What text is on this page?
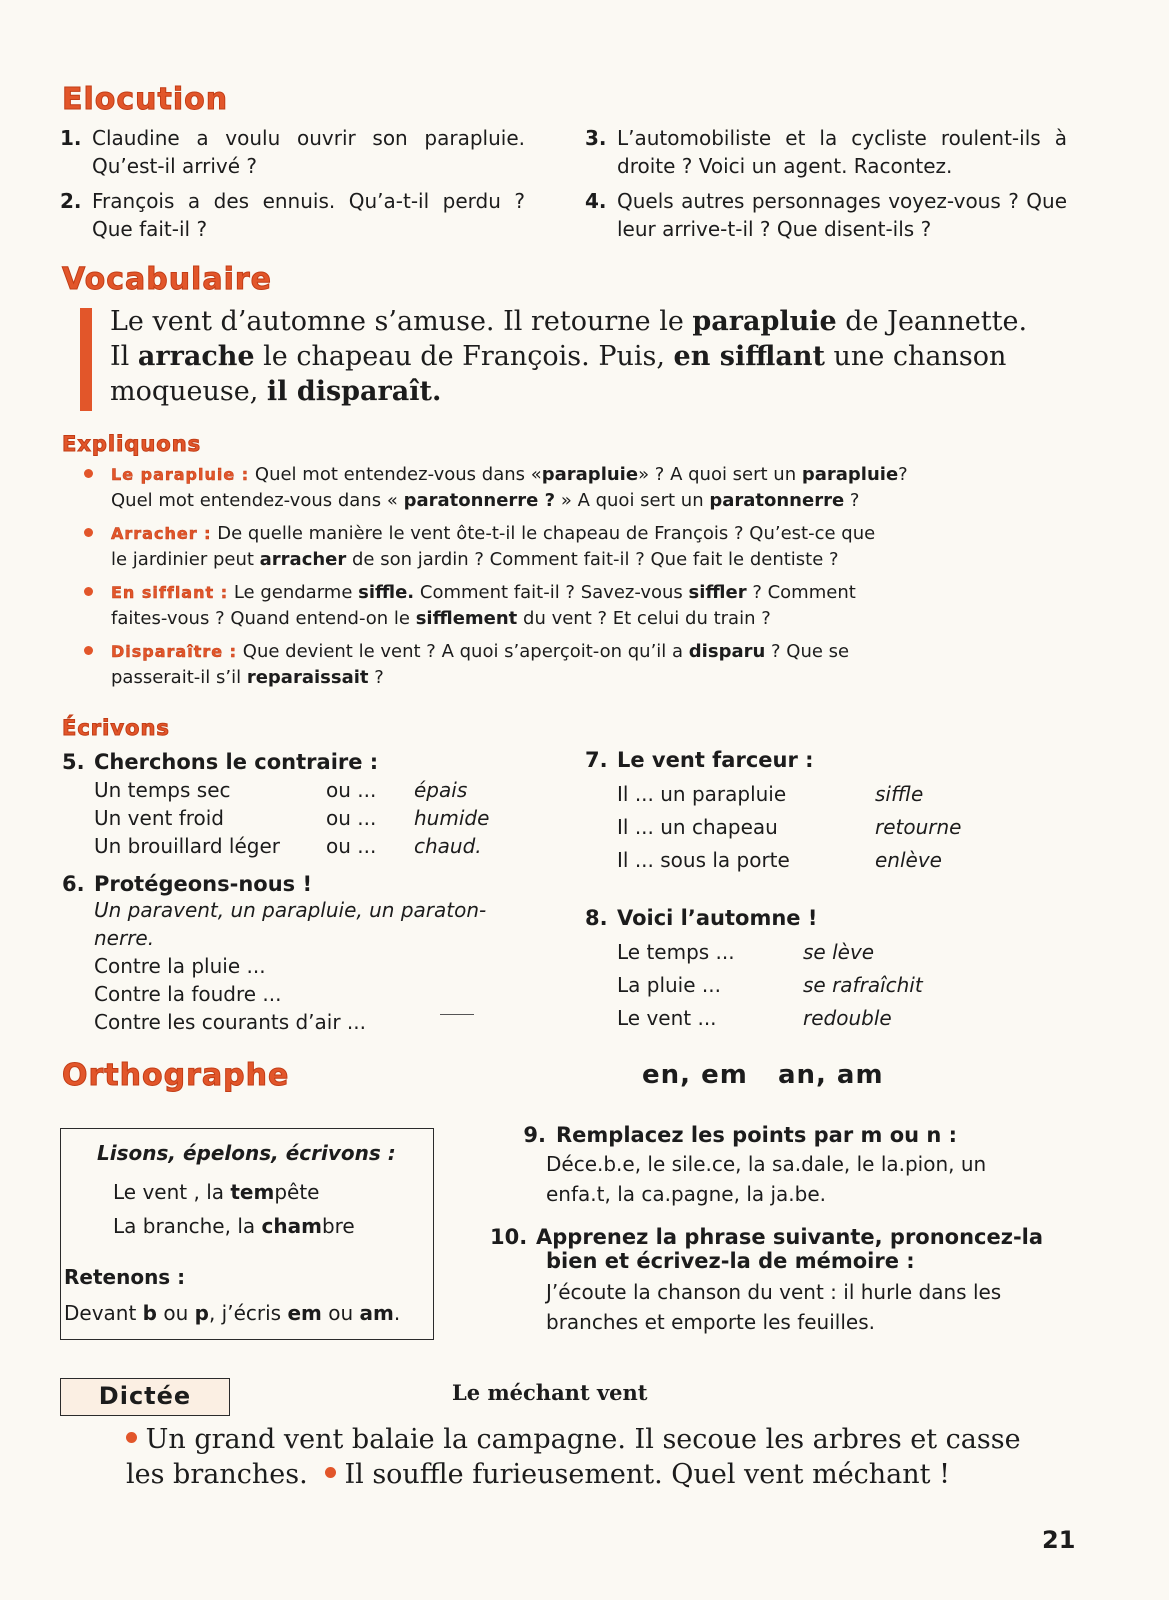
Elocution
1. Claudine a voulu ouvrir son parapluie. Qu’est-il arrivé ?
2. François a des ennuis. Qu’a-t-il perdu ? Que fait-il ?
3. L’automobiliste et la cycliste roulent-ils à droite ? Voici un agent. Racontez.
4. Quels autres personnages voyez-vous ? Que leur arrive-t-il ? Que disent-ils ?
Vocabulaire
Le vent d’automne s’amuse. Il retourne le parapluie de Jeannette.
Il arrache le chapeau de François. Puis, en sifflant une chanson
moqueuse, il disparaît.
Expliquons
Le parapluie : Quel mot entendez-vous dans «parapluie» ? A quoi sert un parapluie?
Quel mot entendez-vous dans « paratonnerre ? » A quoi sert un paratonnerre ?
Arracher : De quelle manière le vent ôte-t-il le chapeau de François ? Qu’est-ce que
le jardinier peut arracher de son jardin ? Comment fait-il ? Que fait le dentiste ?
En sifflant : Le gendarme siffle. Comment fait-il ? Savez-vous siffler ? Comment
faites-vous ? Quand entend-on le sifflement du vent ? Et celui du train ?
Disparaître : Que devient le vent ? A quoi s’aperçoit-on qu’il a disparu ? Que se
passerait-il s’il reparaissait ?
Écrivons
5. Cherchons le contraire :
Un temps sec	ou ...	épais
Un vent froid	ou ...	humide
Un brouillard léger	ou ...	chaud.
6. Protégeons-nous !
Un paravent, un parapluie, un paraton-
nerre.
Contre la pluie ...
Contre la foudre ...
Contre les courants d’air ...
7. Le vent farceur :
Il ... un parapluie	siffle
Il ... un chapeau	retourne
Il ... sous la porte	enlève
8. Voici l’automne !
Le temps ...	se lève
La pluie ...	se rafraîchit
Le vent ...	redouble
Orthographe	en, em   an, am
Lisons, épelons, écrivons :
Le vent , la tempête
La branche, la chambre
Retenons :
Devant b ou p, j’écris em ou am.
9. Remplacez les points par m ou n :
Déce.b.e, le sile.ce, la sa.dale, le la.pion, un
enfa.t, la ca.pagne, la ja.be.
10. Apprenez la phrase suivante, prononcez-la
bien et écrivez-la de mémoire :
J’écoute la chanson du vent : il hurle dans les
branches et emporte les feuilles.
Dictée	Le méchant vent
Un grand vent balaie la campagne. Il secoue les arbres et casse
les branches. Il souffle furieusement. Quel vent méchant !
21
